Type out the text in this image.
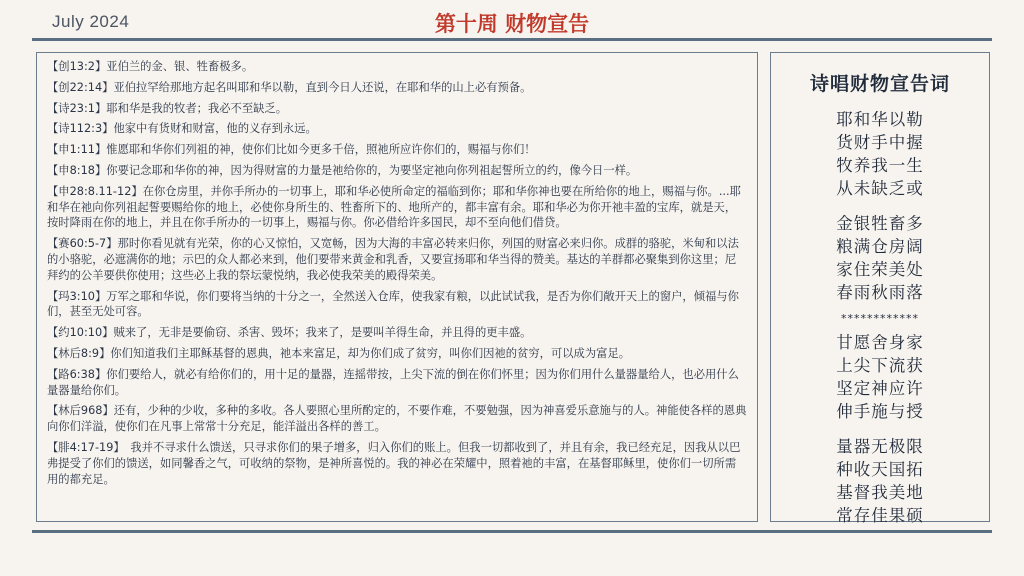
July 2024	第十周 财物宣告

【创13:2】亚伯兰的金、银、牲畜极多。

【创22:14】亚伯拉罕给那地方起名叫耶和华以勒，直到今日人还说，在耶和华的山上必有预备。

【诗23:1】耶和华是我的牧者；我必不至缺乏。

【诗112:3】他家中有货财和财富，他的义存到永远。

【申1:11】惟愿耶和华你们列祖的神，使你们比如今更多千倍，照祂所应许你们的，赐福与你们！

【申8:18】你要记念耶和华你的神，因为得财富的力量是祂给你的，为要坚定祂向你列祖起誓所立的约，像今日一样。

【申28:8.11-12】在你仓房里，并你手所办的一切事上，耶和华必使所命定的福临到你；耶和华你神也要在所给你的地上，赐福与你。...耶和华在祂向你列祖起誓要赐给你的地上，必使你身所生的、牲畜所下的、地所产的，都丰富有余。耶和华必为你开祂丰盈的宝库，就是天，按时降雨在你的地上，并且在你手所办的一切事上，赐福与你。你必借给许多国民，却不至向他们借贷。

【赛60:5-7】那时你看见就有光荣，你的心又惊怕，又宽畅，因为大海的丰富必转来归你，列国的财富必来归你。成群的骆驼，米甸和以法的小骆驼，必遮满你的地；示巴的众人都必来到，他们要带来黄金和乳香，又要宣扬耶和华当得的赞美。基达的羊群都必聚集到你这里；尼拜约的公羊要供你使用；这些必上我的祭坛蒙悦纳，我必使我荣美的殿得荣美。

【玛3:10】万军之耶和华说，你们要将当纳的十分之一，全然送入仓库，使我家有粮，以此试试我，是否为你们敞开天上的窗户，倾福与你们，甚至无处可容。

【约10:10】贼来了，无非是要偷窃、杀害、毁坏；我来了，是要叫羊得生命，并且得的更丰盛。

【林后8:9】你们知道我们主耶稣基督的恩典，祂本来富足，却为你们成了贫穷，叫你们因祂的贫穷，可以成为富足。

【路6:38】你们要给人，就必有给你们的，用十足的量器，连摇带按，上尖下流的倒在你们怀里；因为你们用什么量器量给人，也必用什么量器量给你们。

【林后968】还有，少种的少收，多种的多收。各人要照心里所酌定的，不要作难，不要勉强，因为神喜爱乐意施与的人。神能使各样的恩典向你们洋溢，使你们在凡事上常常十分充足，能洋溢出各样的善工。

【腓4:17-19】　我并不寻求什么馈送，只寻求你们的果子增多，归入你们的账上。但我一切都收到了，并且有余，我已经充足，因我从以巴弗提受了你们的馈送，如同馨香之气，可收纳的祭物，是神所喜悦的。我的神必在荣耀中，照着祂的丰富，在基督耶稣里，使你们一切所需用的都充足。

诗唱财物宣告词
耶和华以勒
货财手中握
牧养我一生
从未缺乏或
金银牲畜多
粮满仓房阔
家住荣美处
春雨秋雨落
************
甘愿舍身家
上尖下流获
坚定神应许
伸手施与授
量器无极限
种收天国拓
基督我美地
常存佳果硕
